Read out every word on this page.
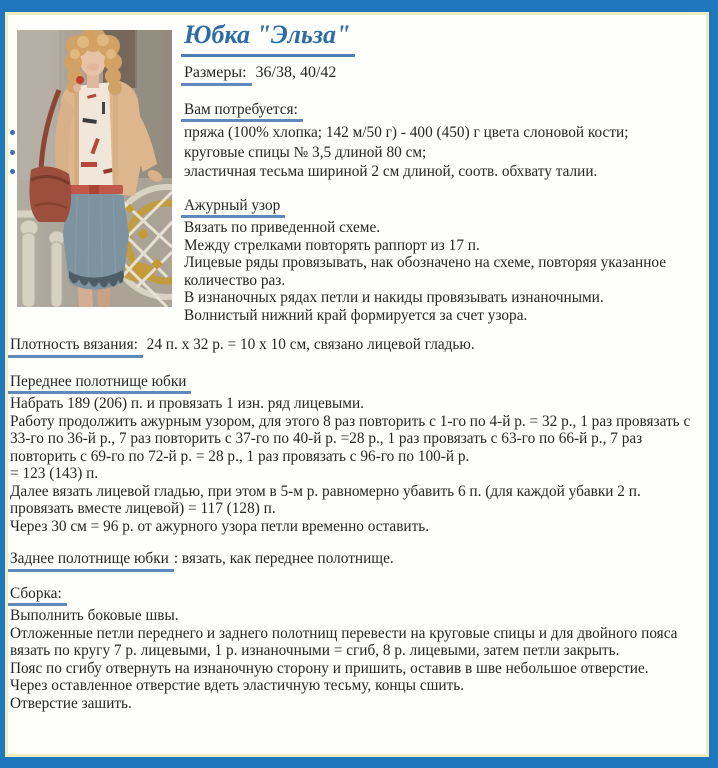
Юбка "Эльза"

Размеры: 36/38, 40/42

Вам потребуется:

пряжа (100% хлопка; 142 м/50 г) - 400 (450) г цвета слоновой кости;
круговые спицы № 3,5 длиной 80 см;
эластичная тесьма шириной 2 см длиной, соотв. обхвату талии.

Ажурный узор

Вязать по приведенной схеме.

Между стрелками повторять раппорт из 17 п.

Лицевые ряды провязывать, нак обозначено на схеме, повторяя указанное количество раз.

В изнаночных рядах петли и накиды провязывать изнаночными.

Волнистый нижний край формируется за счет узора.

Плотность вязания: 24 п. x 32 р. = 10 x 10 см, связано лицевой гладью.

Переднее полотнище юбки

Набрать 189 (206) п. и провязать 1 изн. ряд лицевыми.

Работу продолжить ажурным узором, для этого 8 раз повторить с 1-го по 4-й р. = 32 р., 1 раз провязать с 33-го по 36-й р., 7 раз повторить с 37-го по 40-й р. =28 р., 1 раз провязать с 63-го по 66-й р., 7 раз повторить с 69-го по 72-й р. = 28 р., 1 раз провязать с 96-го по 100-й р.

= 123 (143) п.

Далее вязать лицевой гладью, при этом в 5-м р. равномерно убавить 6 п. (для каждой убавки 2 п. провязать вместе лицевой) = 117 (128) п.

Через 30 см = 96 р. от ажурного узора петли временно оставить.

Заднее полотнище юбки : вязать, как переднее полотнище.

Сборка:

Выполнить боковые швы.

Отложенные петли переднего и заднего полотнищ перевести на круговые спицы и для двойного пояса вязать по кругу 7 р. лицевыми, 1 р. изнаночными = сгиб, 8 р. лицевыми, затем петли закрыть.

Пояс по сгибу отвернуть на изнаночную сторону и пришить, оставив в шве небольшое отверстие.

Через оставленное отверстие вдеть эластичную тесьму, концы сшить.

Отверстие зашить.
